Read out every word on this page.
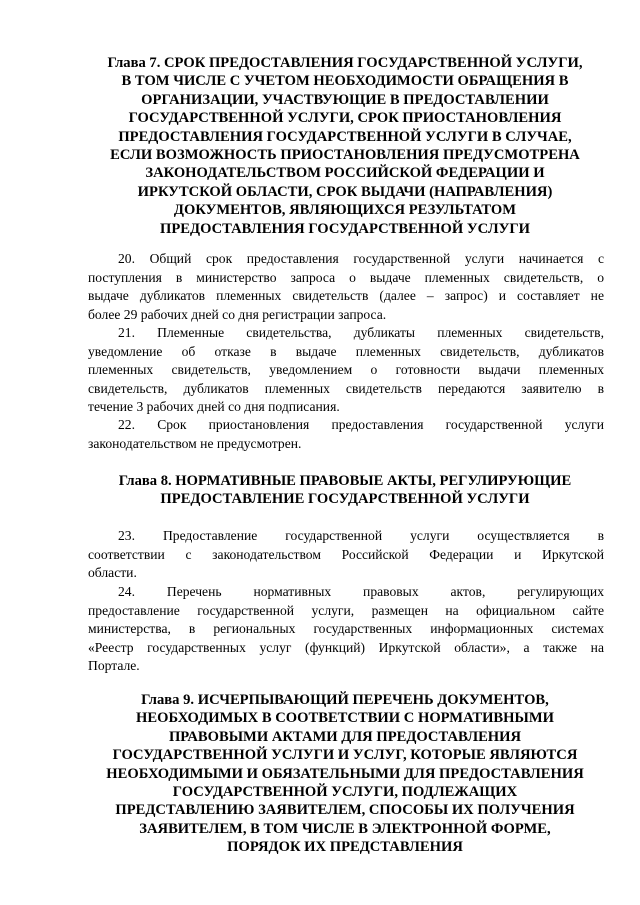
Глава 7. СРОК ПРЕДОСТАВЛЕНИЯ ГОСУДАРСТВЕННОЙ УСЛУГИ,
В ТОМ ЧИСЛЕ С УЧЕТОМ НЕОБХОДИМОСТИ ОБРАЩЕНИЯ В
ОРГАНИЗАЦИИ, УЧАСТВУЮЩИЕ В ПРЕДОСТАВЛЕНИИ
ГОСУДАРСТВЕННОЙ УСЛУГИ, СРОК ПРИОСТАНОВЛЕНИЯ
ПРЕДОСТАВЛЕНИЯ ГОСУДАРСТВЕННОЙ УСЛУГИ В СЛУЧАЕ,
ЕСЛИ ВОЗМОЖНОСТЬ ПРИОСТАНОВЛЕНИЯ ПРЕДУСМОТРЕНА
ЗАКОНОДАТЕЛЬСТВОМ РОССИЙСКОЙ ФЕДЕРАЦИИ И
ИРКУТСКОЙ ОБЛАСТИ, СРОК ВЫДАЧИ (НАПРАВЛЕНИЯ)
ДОКУМЕНТОВ, ЯВЛЯЮЩИХСЯ РЕЗУЛЬТАТОМ
ПРЕДОСТАВЛЕНИЯ ГОСУДАРСТВЕННОЙ УСЛУГИ
20. Общий срок предоставления государственной услуги начинается с
поступления в министерство запроса о выдаче племенных свидетельств, о
выдаче дубликатов племенных свидетельств (далее – запрос) и составляет не
более 29 рабочих дней со дня регистрации запроса.
21. Племенные свидетельства, дубликаты племенных свидетельств,
уведомление об отказе в выдаче племенных свидетельств, дубликатов
племенных свидетельств, уведомлением о готовности выдачи племенных
свидетельств, дубликатов племенных свидетельств передаются заявителю в
течение 3 рабочих дней со дня подписания.
22. Срок приостановления предоставления государственной услуги
законодательством не предусмотрен.
Глава 8. НОРМАТИВНЫЕ ПРАВОВЫЕ АКТЫ, РЕГУЛИРУЮЩИЕ
ПРЕДОСТАВЛЕНИЕ ГОСУДАРСТВЕННОЙ УСЛУГИ
23. Предоставление государственной услуги осуществляется в
соответствии с законодательством Российской Федерации и Иркутской
области.
24. Перечень нормативных правовых актов, регулирующих
предоставление государственной услуги, размещен на официальном сайте
министерства, в региональных государственных информационных системах
«Реестр государственных услуг (функций) Иркутской области», а также на
Портале.
Глава 9. ИСЧЕРПЫВАЮЩИЙ ПЕРЕЧЕНЬ ДОКУМЕНТОВ,
НЕОБХОДИМЫХ В СООТВЕТСТВИИ С НОРМАТИВНЫМИ
ПРАВОВЫМИ АКТАМИ ДЛЯ ПРЕДОСТАВЛЕНИЯ
ГОСУДАРСТВЕННОЙ УСЛУГИ И УСЛУГ, КОТОРЫЕ ЯВЛЯЮТСЯ
НЕОБХОДИМЫМИ И ОБЯЗАТЕЛЬНЫМИ ДЛЯ ПРЕДОСТАВЛЕНИЯ
ГОСУДАРСТВЕННОЙ УСЛУГИ, ПОДЛЕЖАЩИХ
ПРЕДСТАВЛЕНИЮ ЗАЯВИТЕЛЕМ, СПОСОБЫ ИХ ПОЛУЧЕНИЯ
ЗАЯВИТЕЛЕМ, В ТОМ ЧИСЛЕ В ЭЛЕКТРОННОЙ ФОРМЕ,
ПОРЯДОК ИХ ПРЕДСТАВЛЕНИЯ
